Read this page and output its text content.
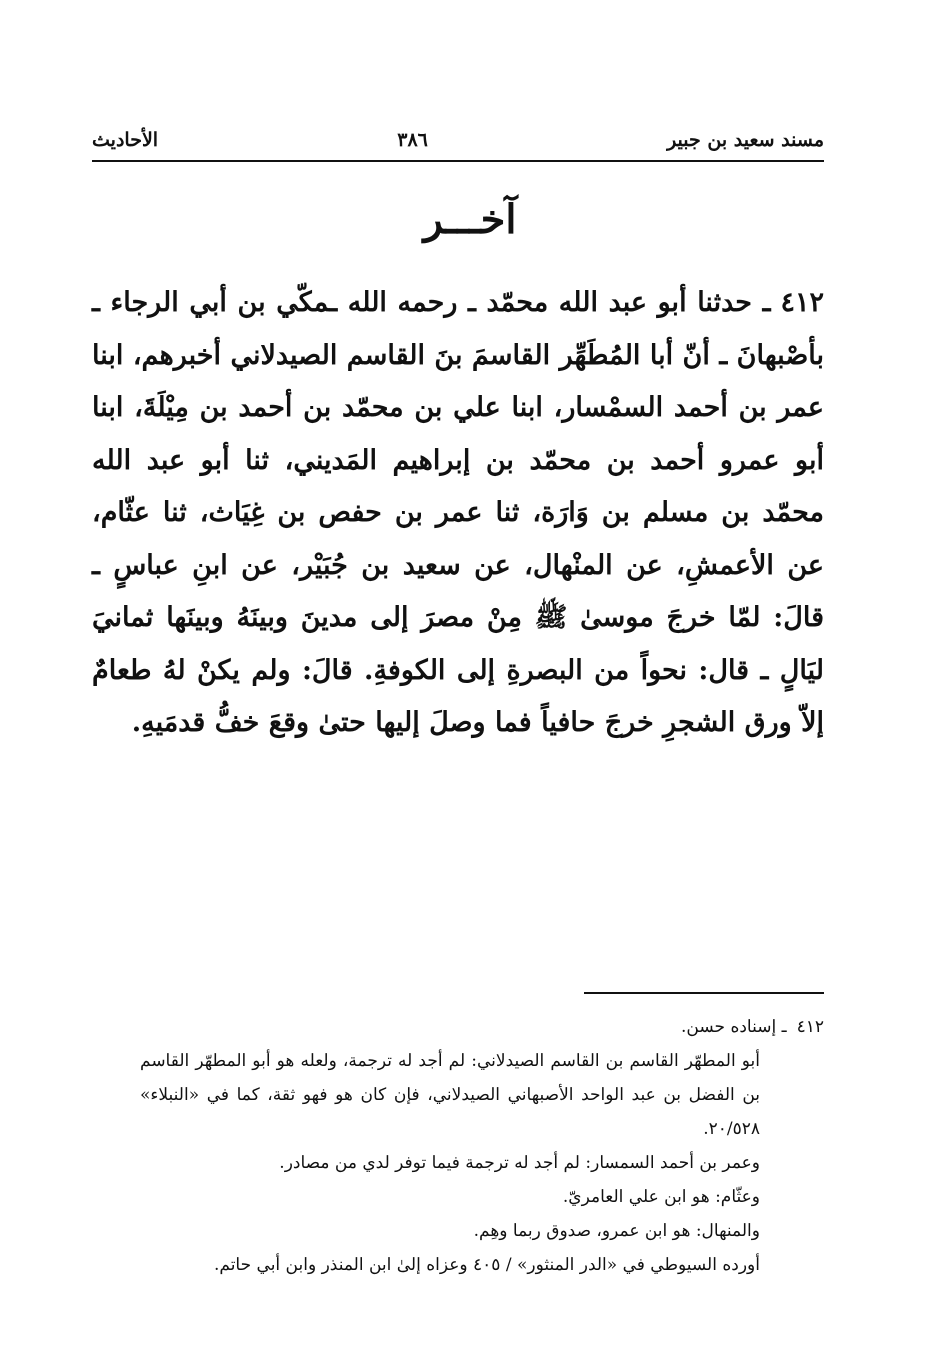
مسند سعيد بن جبير
٣٨٦
الأحاديث
آخـــر
٤١٢ـ حدثنا أبو عبد الله محمّد ـ رحمه الله ـمكّي بن أبي الرجاء ـ بأصْبهانَ ـ أنّ أبا المُطَهِّر القاسمَ بنَ القاسم الصيدلاني أخبرهم، ابنا عمر بن أحمد السمْسار، ابنا علي بن محمّد بن أحمد بن مِيْلَةَ، ابنا أبو عمرو أحمد بن محمّد بن إبراهيم المَديني، ثنا أبو عبد الله محمّد بن مسلم بن وَارَة، ثنا عمر بن حفص بن غِيَاث، ثنا عثّام، عن الأعمشِ، عن المنْهال، عن سعيد بن جُبَيْر، عن ابنِ عباسٍ ـ قالَ: لمّا خرجَ موسىٰ ﷺ مِنْ مصرَ إلى مدينَ وبينَهُ وبينَها ثمانيَ ليَالٍ ـ قال: نحواً من البصرةِ إلى الكوفةِ. قالَ: ولم يكنْ لهُ طعامٌ إلاّ ورق الشجرِ خرجَ حافياً فما وصلَ إليها حتىٰ وقعَ خفُّ قدمَيهِ.
٤١٢ـ إسناده حسن.
أبو المطهّر القاسم بن القاسم الصيدلاني: لم أجد له ترجمة، ولعله هو أبو المطهّر القاسم بن الفضل بن عبد الواحد الأصبهاني الصيدلاني، فإن كان هو فهو ثقة، كما في «النبلاء» ٢٠/٥٢٨.
وعمر بن أحمد السمسار: لم أجد له ترجمة فيما توفر لدي من مصادر.
وعثّام: هو ابن علي العامريّ.
والمنهال: هو ابن عمرو، صدوق ربما وهِم.
أورده السيوطي في «الدر المنثور» / ٤٠٥ وعزاه إلىٰ ابن المنذر وابن أبي حاتم.
